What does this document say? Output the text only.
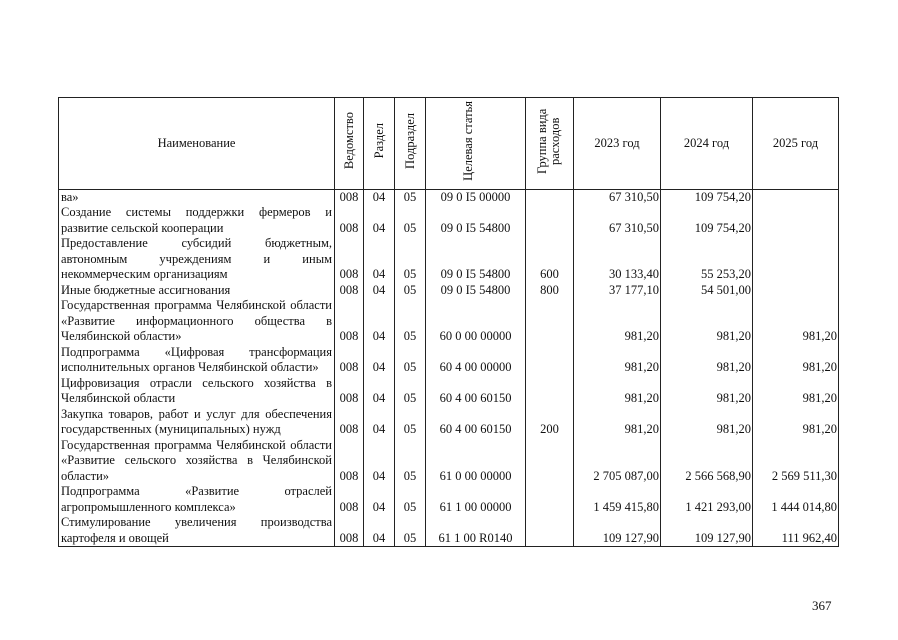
Наименование	Ведомство	Раздел	Подраздел	Целевая статья	Группа вида расходов	2023 год	2024 год	2025 год
ва»	008	04	05	09 0 I5 00000		67 310,50	109 754,20	
Создание системы поддержки фермеров и развитие сельской кооперации	008	04	05	09 0 I5 54800		67 310,50	109 754,20	
Предоставление субсидий бюджетным, автономным учреждениям и иным некоммерческим организациям	008	04	05	09 0 I5 54800	600	30 133,40	55 253,20	
Иные бюджетные ассигнования	008	04	05	09 0 I5 54800	800	37 177,10	54 501,00	
Государственная программа Челябинской области «Развитие информационного общества в Челябинской области»	008	04	05	60 0 00 00000		981,20	981,20	981,20
Подпрограмма «Цифровая трансформация исполнительных органов Челябинской области»	008	04	05	60 4 00 00000		981,20	981,20	981,20
Цифровизация отрасли сельского хозяйства в Челябинской области	008	04	05	60 4 00 60150		981,20	981,20	981,20
Закупка товаров, работ и услуг для обеспечения государственных (муниципальных) нужд	008	04	05	60 4 00 60150	200	981,20	981,20	981,20
Государственная программа Челябинской области «Развитие сельского хозяйства в Челябинской области»	008	04	05	61 0 00 00000		2 705 087,00	2 566 568,90	2 569 511,30
Подпрограмма «Развитие отраслей агропромышленного комплекса»	008	04	05	61 1 00 00000		1 459 415,80	1 421 293,00	1 444 014,80
Стимулирование увеличения производства картофеля и овощей	008	04	05	61 1 00 R0140		109 127,90	109 127,90	111 962,40
367
